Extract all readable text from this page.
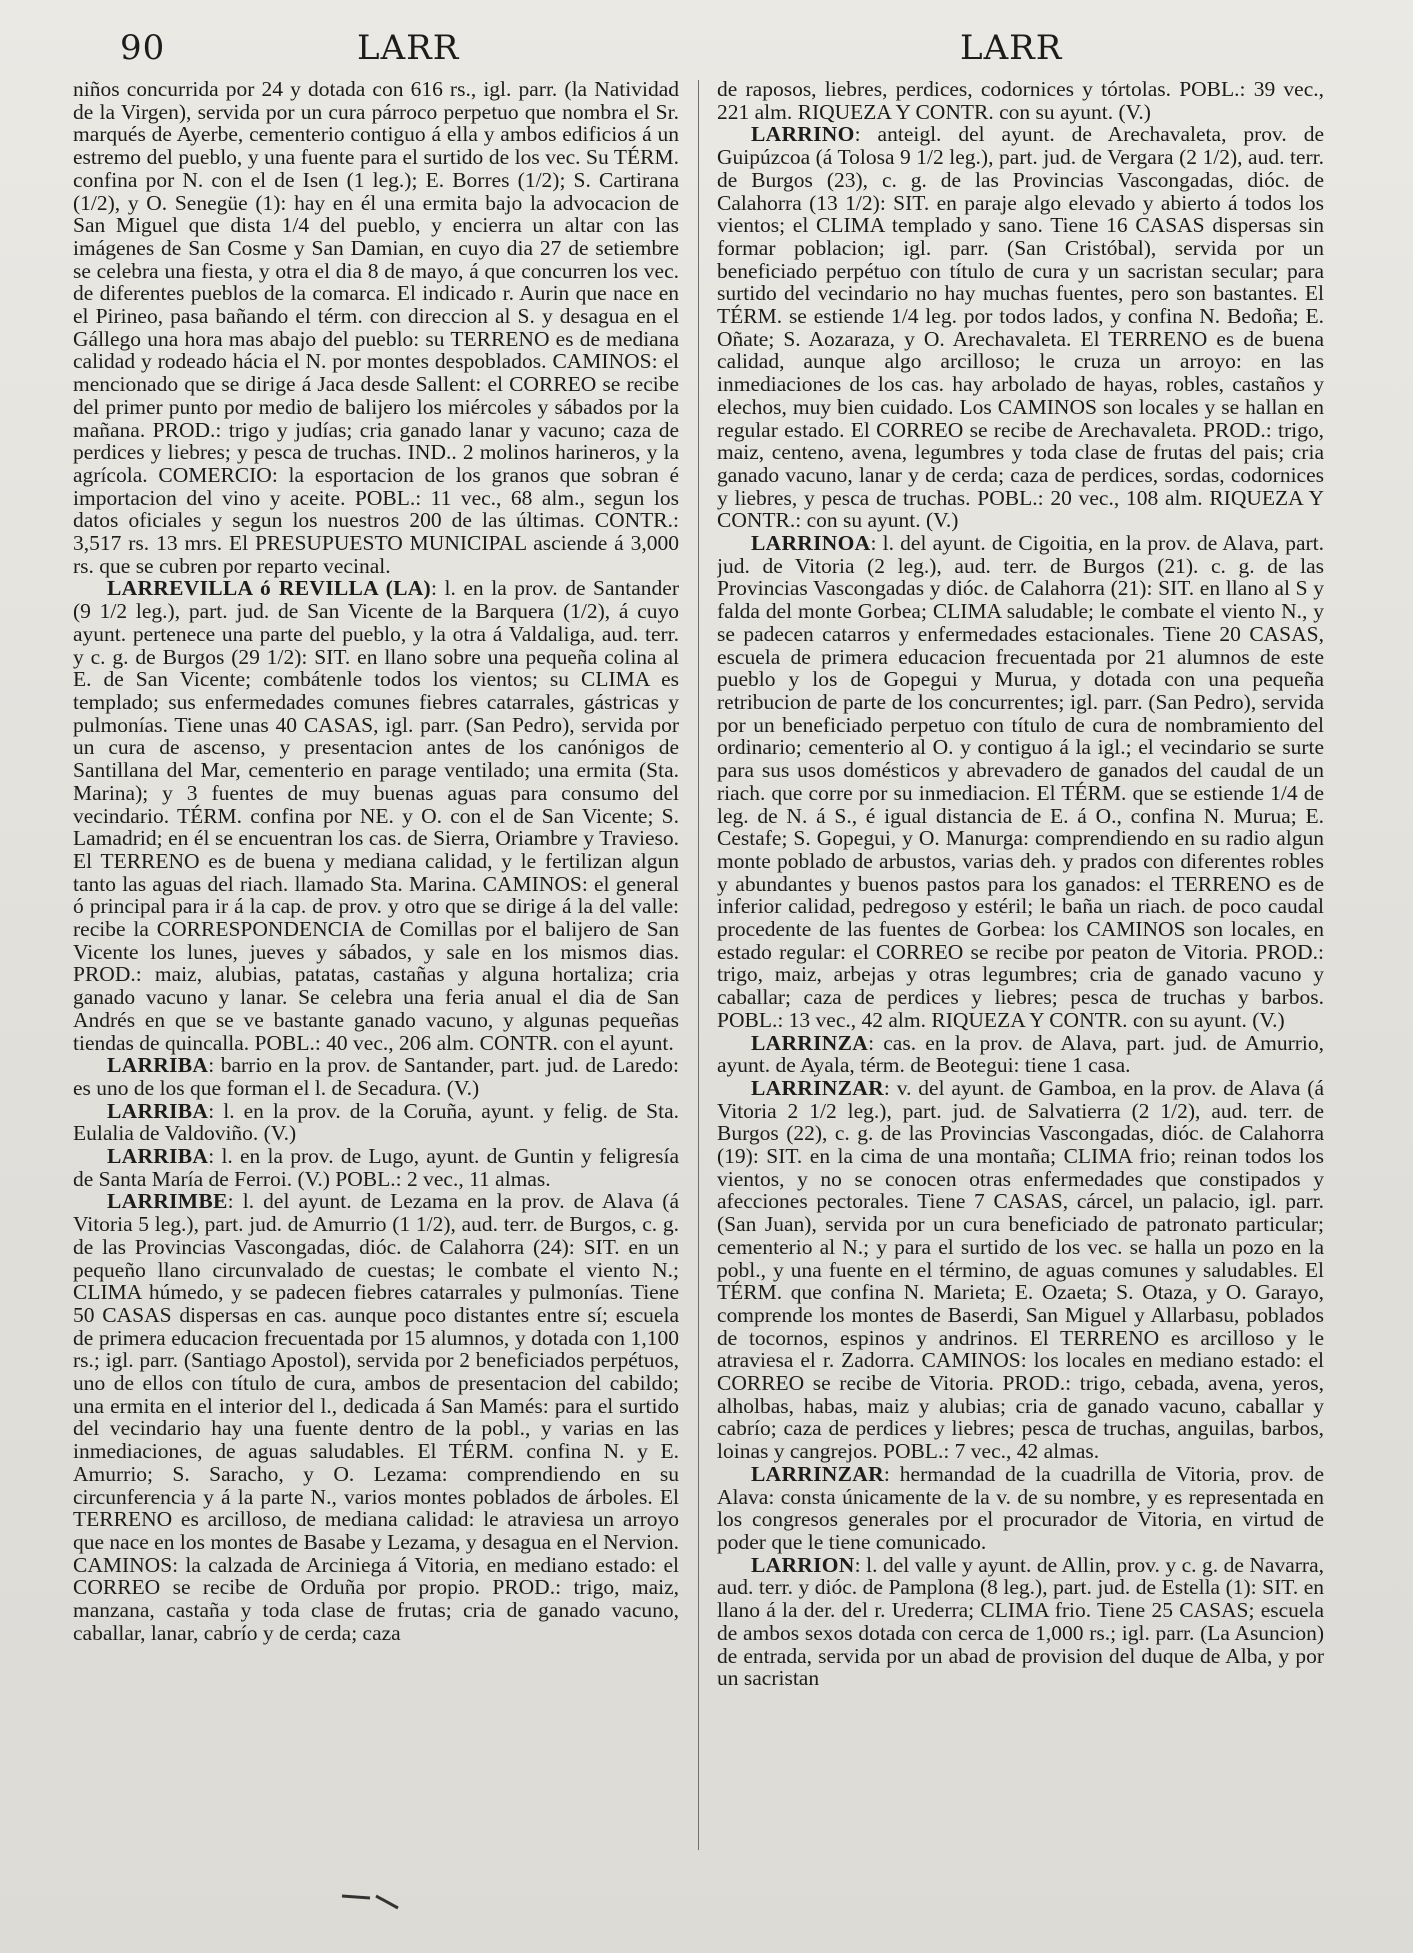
90	LARR	LARR

niños concurrida por 24 y dotada con 616 rs., igl. parr. (la Natividad de la Virgen), servida por un cura párroco perpetuo que nombra el Sr. marqués de Ayerbe, cementerio contiguo á ella y ambos edificios á un estremo del pueblo, y una fuente para el surtido de los vec. Su TÉRM. confina por N. con el de Isen (1 leg.); E. Borres (1/2); S. Cartirana (1/2), y O. Senegüe (1): hay en él una ermita bajo la advocacion de San Miguel que dista 1/4 del pueblo, y encierra un altar con las imágenes de San Cosme y San Damian, en cuyo dia 27 de setiembre se celebra una fiesta, y otra el dia 8 de mayo, á que concurren los vec. de diferentes pueblos de la comarca. El indicado r. Aurin que nace en el Pirineo, pasa bañando el térm. con direccion al S. y desagua en el Gállego una hora mas abajo del pueblo: su TERRENO es de mediana calidad y rodeado hácia el N. por montes despoblados. CAMINOS: el mencionado que se dirige á Jaca desde Sallent: el CORREO se recibe del primer punto por medio de balijero los miércoles y sábados por la mañana. PROD.: trigo y judías; cria ganado lanar y vacuno; caza de perdices y liebres; y pesca de truchas. IND.. 2 molinos harineros, y la agrícola. COMERCIO: la esportacion de los granos que sobran é importacion del vino y aceite. POBL.: 11 vec., 68 alm., segun los datos oficiales y segun los nuestros 200 de las últimas. CONTR.: 3,517 rs. 13 mrs. El PRESUPUESTO MUNICIPAL asciende á 3,000 rs. que se cubren por reparto vecinal.

LARREVILLA ó REVILLA (LA): l. en la prov. de Santander (9 1/2 leg.), part. jud. de San Vicente de la Barquera (1/2), á cuyo ayunt. pertenece una parte del pueblo, y la otra á Valdaliga, aud. terr. y c. g. de Burgos (29 1/2): SIT. en llano sobre una pequeña colina al E. de San Vicente; combátenle todos los vientos; su CLIMA es templado; sus enfermedades comunes fiebres catarrales, gástricas y pulmonías. Tiene unas 40 CASAS, igl. parr. (San Pedro), servida por un cura de ascenso, y presentacion antes de los canónigos de Santillana del Mar, cementerio en parage ventilado; una ermita (Sta. Marina); y 3 fuentes de muy buenas aguas para consumo del vecindario. TÉRM. confina por NE. y O. con el de San Vicente; S. Lamadrid; en él se encuentran los cas. de Sierra, Oriambre y Travieso. El TERRENO es de buena y mediana calidad, y le fertilizan algun tanto las aguas del riach. llamado Sta. Marina. CAMINOS: el general ó principal para ir á la cap. de prov. y otro que se dirige á la del valle: recibe la CORRESPONDENCIA de Comillas por el balijero de San Vicente los lunes, jueves y sábados, y sale en los mismos dias. PROD.: maiz, alubias, patatas, castañas y alguna hortaliza; cria ganado vacuno y lanar. Se celebra una feria anual el dia de San Andrés en que se ve bastante ganado vacuno, y algunas pequeñas tiendas de quincalla. POBL.: 40 vec., 206 alm. CONTR. con el ayunt.

LARRIBA: barrio en la prov. de Santander, part. jud. de Laredo: es uno de los que forman el l. de Secadura. (V.)

LARRIBA: l. en la prov. de la Coruña, ayunt. y felig. de Sta. Eulalia de Valdoviño. (V.)

LARRIBA: l. en la prov. de Lugo, ayunt. de Guntin y feligresía de Santa María de Ferroi. (V.) POBL.: 2 vec., 11 almas.

LARRIMBE: l. del ayunt. de Lezama en la prov. de Alava (á Vitoria 5 leg.), part. jud. de Amurrio (1 1/2), aud. terr. de Burgos, c. g. de las Provincias Vascongadas, dióc. de Calahorra (24): SIT. en un pequeño llano circunvalado de cuestas; le combate el viento N.; CLIMA húmedo, y se padecen fiebres catarrales y pulmonías. Tiene 50 CASAS dispersas en cas. aunque poco distantes entre sí; escuela de primera educacion frecuentada por 15 alumnos, y dotada con 1,100 rs.; igl. parr. (Santiago Apostol), servida por 2 beneficiados perpétuos, uno de ellos con título de cura, ambos de presentacion del cabildo; una ermita en el interior del l., dedicada á San Mamés: para el surtido del vecindario hay una fuente dentro de la pobl., y varias en las inmediaciones, de aguas saludables. El TÉRM. confina N. y E. Amurrio; S. Saracho, y O. Lezama: comprendiendo en su circunferencia y á la parte N., varios montes poblados de árboles. El TERRENO es arcilloso, de mediana calidad: le atraviesa un arroyo que nace en los montes de Basabe y Lezama, y desagua en el Nervion. CAMINOS: la calzada de Arciniega á Vitoria, en mediano estado: el CORREO se recibe de Orduña por propio. PROD.: trigo, maiz, manzana, castaña y toda clase de frutas; cria de ganado vacuno, caballar, lanar, cabrío y de cerda; caza

de raposos, liebres, perdices, codornices y tórtolas. POBL.: 39 vec., 221 alm. RIQUEZA Y CONTR. con su ayunt. (V.)

LARRINO: anteigl. del ayunt. de Arechavaleta, prov. de Guipúzcoa (á Tolosa 9 1/2 leg.), part. jud. de Vergara (2 1/2), aud. terr. de Burgos (23), c. g. de las Provincias Vascongadas, dióc. de Calahorra (13 1/2): SIT. en paraje algo elevado y abierto á todos los vientos; el CLIMA templado y sano. Tiene 16 CASAS dispersas sin formar poblacion; igl. parr. (San Cristóbal), servida por un beneficiado perpétuo con título de cura y un sacristan secular; para surtido del vecindario no hay muchas fuentes, pero son bastantes. El TÉRM. se estiende 1/4 leg. por todos lados, y confina N. Bedoña; E. Oñate; S. Aozaraza, y O. Arechavaleta. El TERRENO es de buena calidad, aunque algo arcilloso; le cruza un arroyo: en las inmediaciones de los cas. hay arbolado de hayas, robles, castaños y elechos, muy bien cuidado. Los CAMINOS son locales y se hallan en regular estado. El CORREO se recibe de Arechavaleta. PROD.: trigo, maiz, centeno, avena, legumbres y toda clase de frutas del pais; cria ganado vacuno, lanar y de cerda; caza de perdices, sordas, codornices y liebres, y pesca de truchas. POBL.: 20 vec., 108 alm. RIQUEZA Y CONTR.: con su ayunt. (V.)

LARRINOA: l. del ayunt. de Cigoitia, en la prov. de Alava, part. jud. de Vitoria (2 leg.), aud. terr. de Burgos (21). c. g. de las Provincias Vascongadas y dióc. de Calahorra (21): SIT. en llano al S y falda del monte Gorbea; CLIMA saludable; le combate el viento N., y se padecen catarros y enfermedades estacionales. Tiene 20 CASAS, escuela de primera educacion frecuentada por 21 alumnos de este pueblo y los de Gopegui y Murua, y dotada con una pequeña retribucion de parte de los concurrentes; igl. parr. (San Pedro), servida por un beneficiado perpetuo con título de cura de nombramiento del ordinario; cementerio al O. y contiguo á la igl.; el vecindario se surte para sus usos domésticos y abrevadero de ganados del caudal de un riach. que corre por su inmediacion. El TÉRM. que se estiende 1/4 de leg. de N. á S., é igual distancia de E. á O., confina N. Murua; E. Cestafe; S. Gopegui, y O. Manurga: comprendiendo en su radio algun monte poblado de arbustos, varias deh. y prados con diferentes robles y abundantes y buenos pastos para los ganados: el TERRENO es de inferior calidad, pedregoso y estéril; le baña un riach. de poco caudal procedente de las fuentes de Gorbea: los CAMINOS son locales, en estado regular: el CORREO se recibe por peaton de Vitoria. PROD.: trigo, maiz, arbejas y otras legumbres; cria de ganado vacuno y caballar; caza de perdices y liebres; pesca de truchas y barbos. POBL.: 13 vec., 42 alm. RIQUEZA Y CONTR. con su ayunt. (V.)

LARRINZA: cas. en la prov. de Alava, part. jud. de Amurrio, ayunt. de Ayala, térm. de Beotegui: tiene 1 casa.

LARRINZAR: v. del ayunt. de Gamboa, en la prov. de Alava (á Vitoria 2 1/2 leg.), part. jud. de Salvatierra (2 1/2), aud. terr. de Burgos (22), c. g. de las Provincias Vascongadas, dióc. de Calahorra (19): SIT. en la cima de una montaña; CLIMA frio; reinan todos los vientos, y no se conocen otras enfermedades que constipados y afecciones pectorales. Tiene 7 CASAS, cárcel, un palacio, igl. parr. (San Juan), servida por un cura beneficiado de patronato particular; cementerio al N.; y para el surtido de los vec. se halla un pozo en la pobl., y una fuente en el término, de aguas comunes y saludables. El TÉRM. que confina N. Marieta; E. Ozaeta; S. Otaza, y O. Garayo, comprende los montes de Baserdi, San Miguel y Allarbasu, poblados de tocornos, espinos y andrinos. El TERRENO es arcilloso y le atraviesa el r. Zadorra. CAMINOS: los locales en mediano estado: el CORREO se recibe de Vitoria. PROD.: trigo, cebada, avena, yeros, alholbas, habas, maiz y alubias; cria de ganado vacuno, caballar y cabrío; caza de perdices y liebres; pesca de truchas, anguilas, barbos, loinas y cangrejos. POBL.: 7 vec., 42 almas.

LARRINZAR: hermandad de la cuadrilla de Vitoria, prov. de Alava: consta únicamente de la v. de su nombre, y es representada en los congresos generales por el procurador de Vitoria, en virtud de poder que le tiene comunicado.

LARRION: l. del valle y ayunt. de Allin, prov. y c. g. de Navarra, aud. terr. y dióc. de Pamplona (8 leg.), part. jud. de Estella (1): SIT. en llano á la der. del r. Urederra; CLIMA frio. Tiene 25 CASAS; escuela de ambos sexos dotada con cerca de 1,000 rs.; igl. parr. (La Asuncion) de entrada, servida por un abad de provision del duque de Alba, y por un sacristan
